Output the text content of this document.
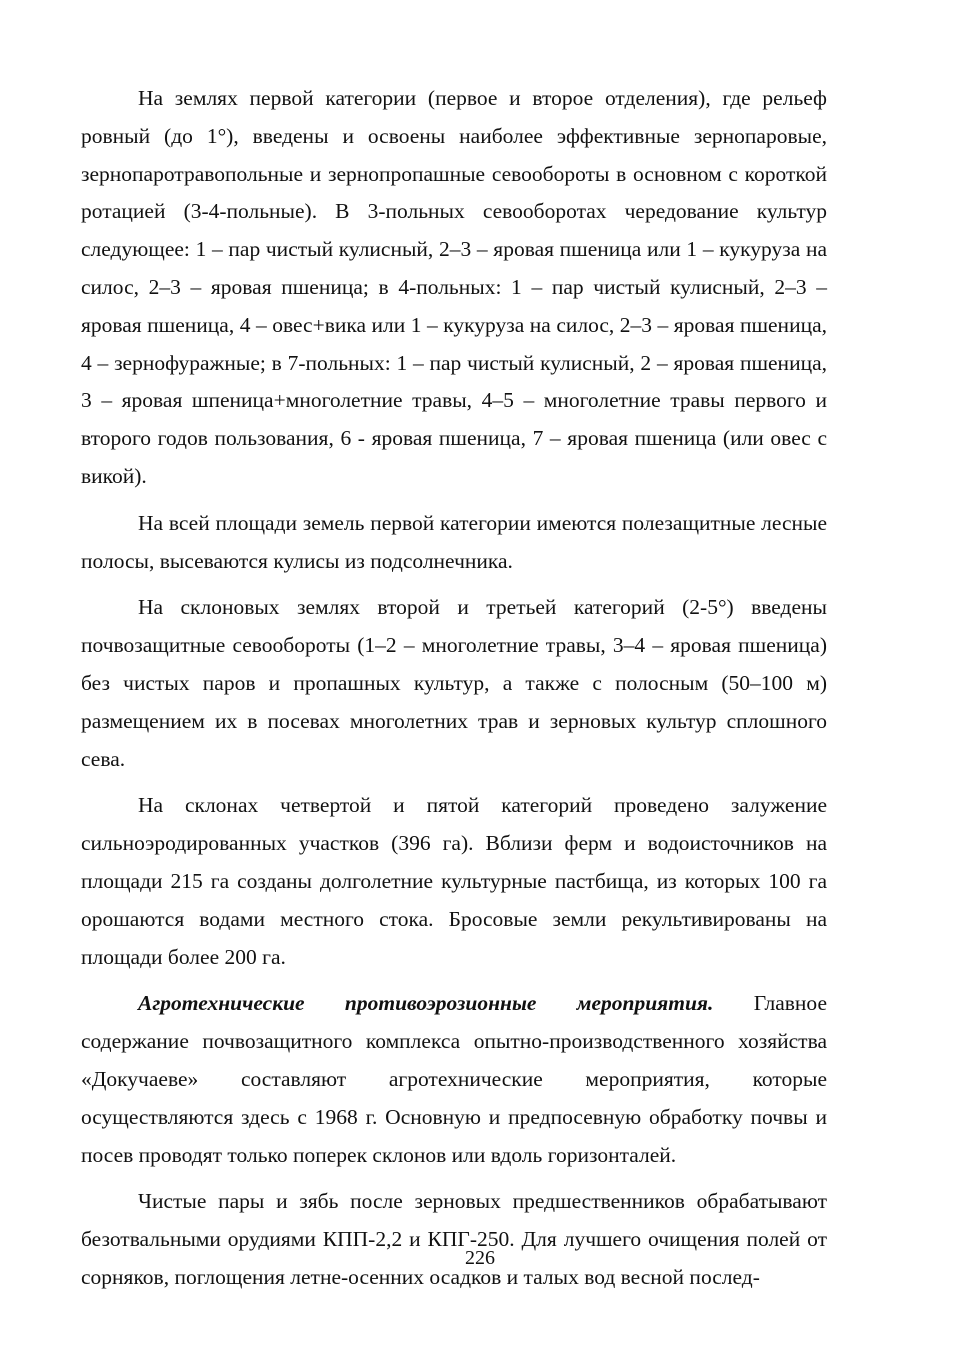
На землях первой категории (первое и второе отделения), где рельеф ровный (до 1°), введены и освоены наиболее эффективные зернопаровые, зернопаротравопольные и зернопропашные севообороты в основном с короткой ротацией (3-4-польные). В 3-польных севооборотах чередование культур следующее: 1 – пар чистый кулисный, 2–3 – яровая пшеница или 1 – кукуруза на силос, 2–3 – яровая пшеница; в 4-польных: 1 – пар чистый кулисный, 2–3 – яровая пшеница, 4 – овес+вика или 1 – кукуруза на силос, 2–3 – яровая пшеница, 4 – зернофуражные; в 7-польных: 1 – пар чистый кулисный, 2 – яровая пшеница, 3 – яровая шпеница+многолетние травы, 4–5 – многолетние травы первого и второго годов пользования, 6 - яровая пшеница, 7 – яровая пшеница (или овес с викой).

На всей площади земель первой категории имеются полезащитные лесные полосы, высеваются кулисы из подсолнечника.

На склоновых землях второй и третьей категорий (2-5°) введены почвозащитные севообороты (1–2 – многолетние травы, 3–4 – яровая пшеница) без чистых паров и пропашных культур, а также с полосным (50–100 м) размещением их в посевах многолетних трав и зерновых культур сплошного сева.

На склонах четвертой и пятой категорий проведено залужение сильноэродированных участков (396 га). Вблизи ферм и водоисточников на площади 215 га созданы долголетние культурные пастбища, из которых 100 га орошаются водами местного стока. Бросовые земли рекультивированы на площади более 200 га.

Агротехнические противоэрозионные мероприятия. Главное содержание почвозащитного комплекса опытно-производственного хозяйства «Докучаеве» составляют агротехнические мероприятия, которые осуществляются здесь с 1968 г. Основную и предпосевную обработку почвы и посев проводят только поперек склонов или вдоль горизонталей.

Чистые пары и зябь после зерновых предшественников обрабатывают безотвальными орудиями КПП-2,2 и КПГ-250. Для лучшего очищения полей от сорняков, поглощения летне-осенних осадков и талых вод весной послед-

226
